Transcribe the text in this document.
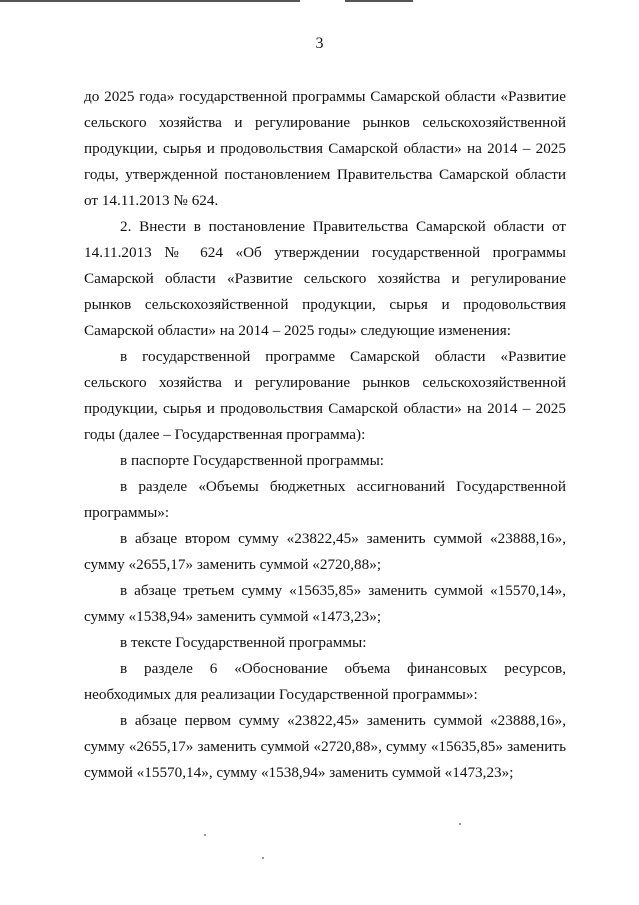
3

до 2025 года» государственной программы Самарской области «Развитие сельского хозяйства и регулирование рынков сельскохозяйственной продукции, сырья и продовольствия Самарской области» на 2014 – 2025 годы, утвержденной постановлением Правительства Самарской области от 14.11.2013 № 624.

2. Внести в постановление Правительства Самарской области от 14.11.2013 № 624 «Об утверждении государственной программы Самарской области «Развитие сельского хозяйства и регулирование рынков сельскохозяйственной продукции, сырья и продовольствия Самарской области» на 2014 – 2025 годы» следующие изменения:

в государственной программе Самарской области «Развитие сельского хозяйства и регулирование рынков сельскохозяйственной продукции, сырья и продовольствия Самарской области» на 2014 – 2025 годы (далее – Государственная программа):

в паспорте Государственной программы:

в разделе «Объемы бюджетных ассигнований Государственной программы»:

в абзаце втором сумму «23822,45» заменить суммой «23888,16», сумму «2655,17» заменить суммой «2720,88»;

в абзаце третьем сумму «15635,85» заменить суммой «15570,14», сумму «1538,94» заменить суммой «1473,23»;

в тексте Государственной программы:

в разделе 6 «Обоснование объема финансовых ресурсов, необходимых для реализации Государственной программы»:

в абзаце первом сумму «23822,45» заменить суммой «23888,16», сумму «2655,17» заменить суммой «2720,88», сумму «15635,85» заменить суммой «15570,14», сумму «1538,94» заменить суммой «1473,23»;
